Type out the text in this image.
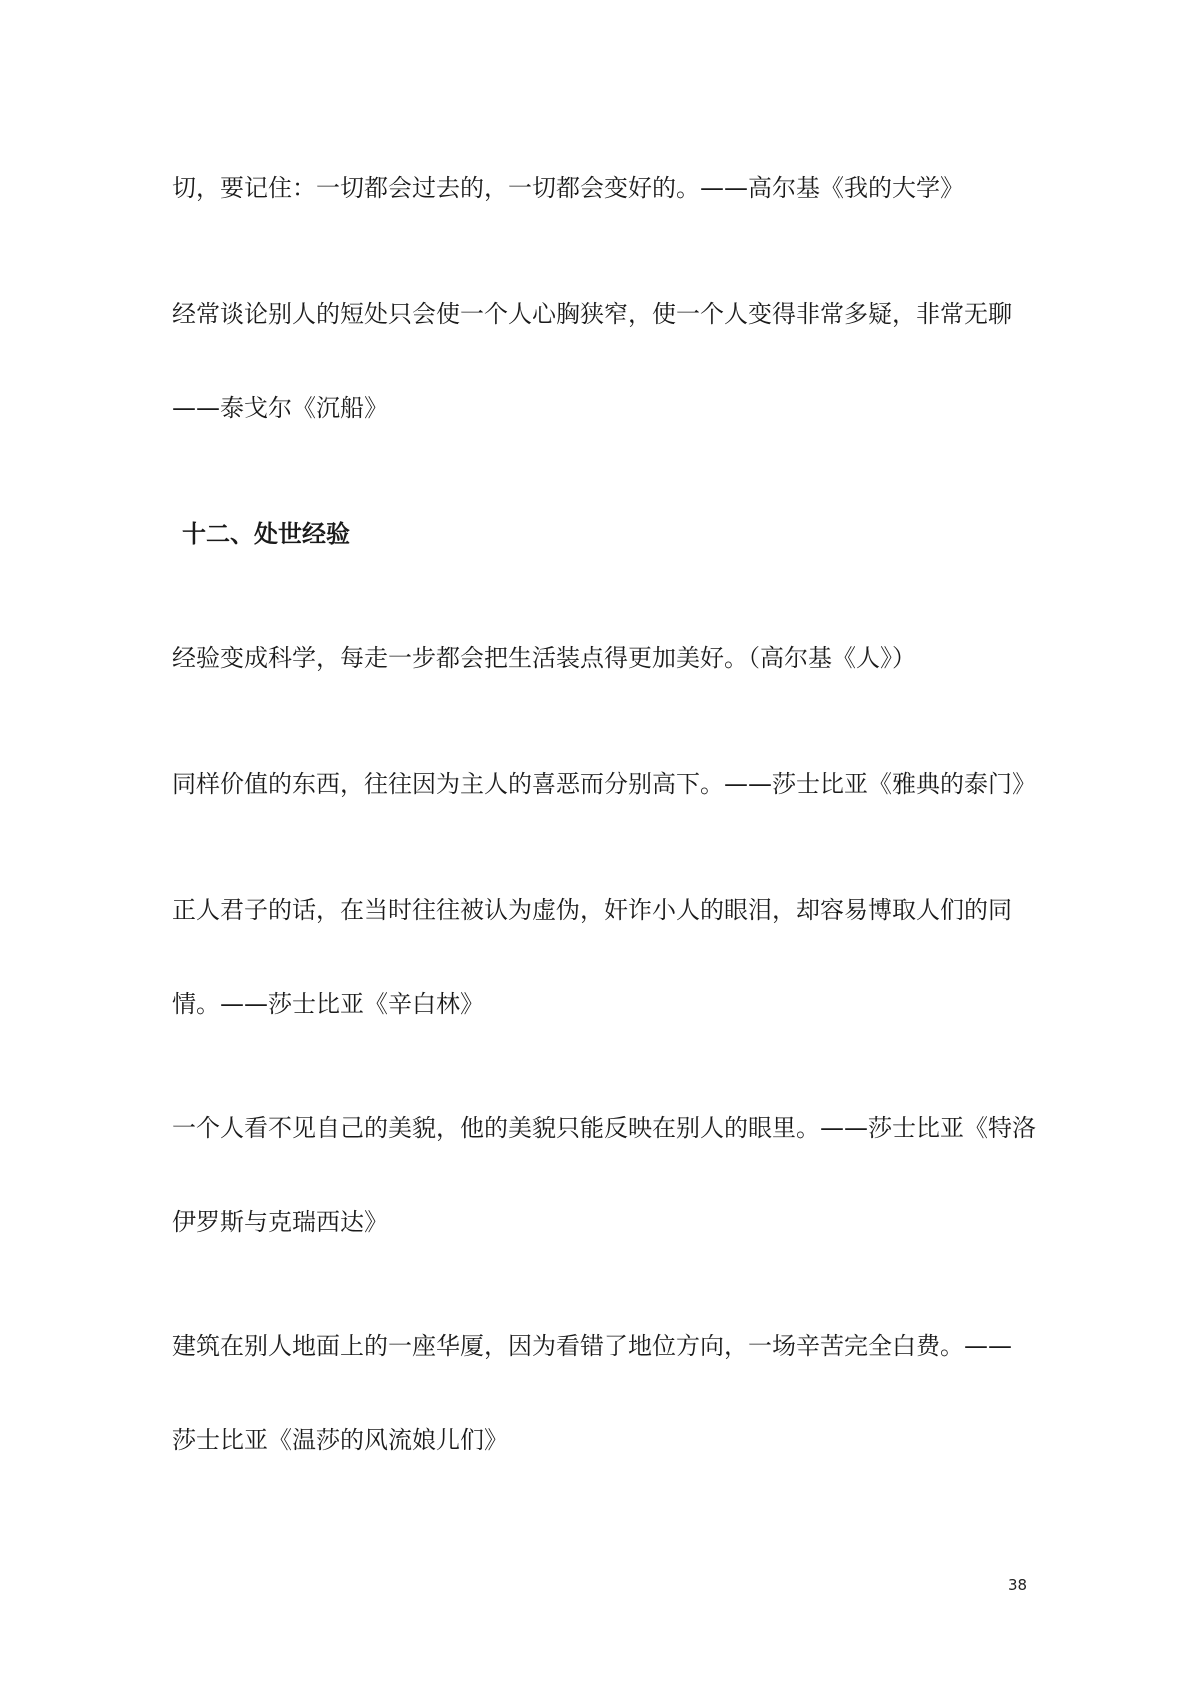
切，要记住：一切都会过去的，一切都会变好的。——高尔基《我的大学》
经常谈论别人的短处只会使一个人心胸狭窄，使一个人变得非常多疑，非常无聊
——泰戈尔《沉船》
十二、处世经验
经验变成科学，每走一步都会把生活装点得更加美好。（高尔基《人》）
同样价值的东西，往往因为主人的喜恶而分别高下。——莎士比亚《雅典的泰门》
正人君子的话，在当时往往被认为虚伪，奸诈小人的眼泪，却容易博取人们的同
情。——莎士比亚《辛白林》
一个人看不见自己的美貌，他的美貌只能反映在别人的眼里。——莎士比亚《特洛
伊罗斯与克瑞西达》
建筑在别人地面上的一座华厦，因为看错了地位方向，一场辛苦完全白费。——
莎士比亚《温莎的风流娘儿们》
38
